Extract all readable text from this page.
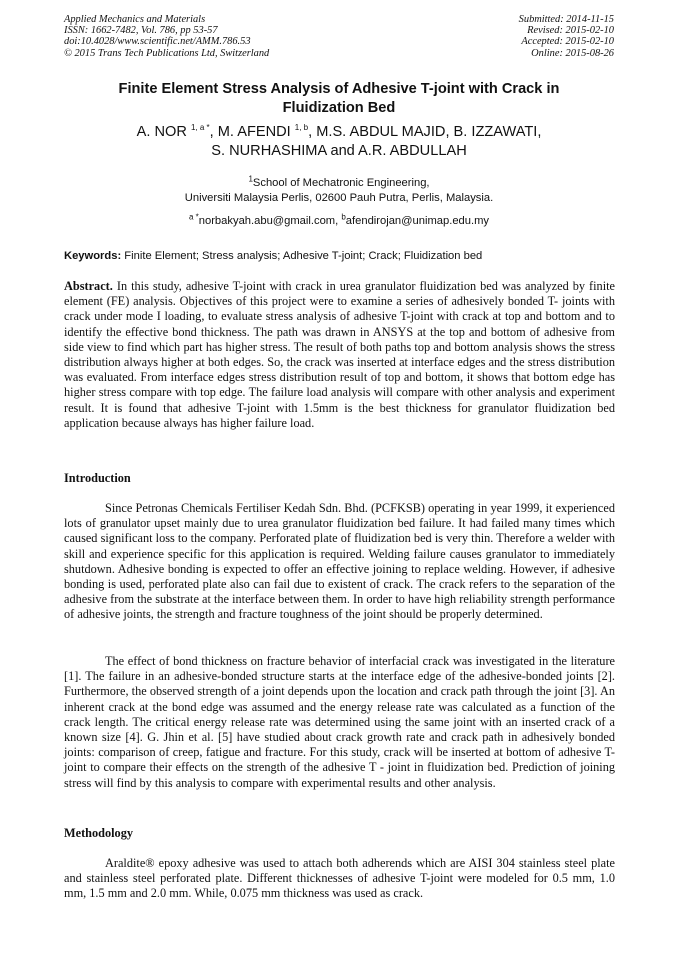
Applied Mechanics and Materials
ISSN: 1662-7482, Vol. 786, pp 53-57
doi:10.4028/www.scientific.net/AMM.786.53
© 2015 Trans Tech Publications Ltd, Switzerland
Submitted: 2014-11-15
Revised: 2015-02-10
Accepted: 2015-02-10
Online: 2015-08-26
Finite Element Stress Analysis of Adhesive T-joint with Crack in
Fluidization Bed
A. NOR $^{1, a *}$, M. AFENDI $^{1, b}$, M.S. ABDUL MAJID, B. IZZAWATI,
S. NURHASHIMA and A.R. ABDULLAH
$^1$School of Mechatronic Engineering,
Universiti Malaysia Perlis, 02600 Pauh Putra, Perlis, Malaysia.
$^{a *}$norbakyah.abu@gmail.com, $^b$afendirojan@unimap.edu.my
Keywords: Finite Element; Stress analysis; Adhesive T-joint; Crack; Fluidization bed
Abstract. In this study, adhesive T-joint with crack in urea granulator fluidization bed was analyzed by finite element (FE) analysis. Objectives of this project were to examine a series of adhesively bonded T- joints with crack under mode I loading, to evaluate stress analysis of adhesive T-joint with crack at top and bottom and to identify the effective bond thickness. The path was drawn in ANSYS at the top and bottom of adhesive from side view to find which part has higher stress. The result of both paths top and bottom analysis shows the stress distribution always higher at both edges. So, the crack was inserted at interface edges and the stress distribution was evaluated. From interface edges stress distribution result of top and bottom, it shows that bottom edge has higher stress compare with top edge. The failure load analysis will compare with other analysis and experiment result. It is found that adhesive T-joint with 1.5mm is the best thickness for granulator fluidization bed application because always has higher failure load.
Introduction
Since Petronas Chemicals Fertiliser Kedah Sdn. Bhd. (PCFKSB) operating in year 1999, it experienced lots of granulator upset mainly due to urea granulator fluidization bed failure. It had failed many times which caused significant loss to the company. Perforated plate of fluidization bed is very thin. Therefore a welder with skill and experience specific for this application is required. Welding failure causes granulator to immediately shutdown. Adhesive bonding is expected to offer an effective joining to replace welding. However, if adhesive bonding is used, perforated plate also can fail due to existent of crack. The crack refers to the separation of the adhesive from the substrate at the interface between them. In order to have high reliability strength performance of adhesive joints, the strength and fracture toughness of the joint should be properly determined.
The effect of bond thickness on fracture behavior of interfacial crack was investigated in the literature [1]. The failure in an adhesive-bonded structure starts at the interface edge of the adhesive-bonded joints [2]. Furthermore, the observed strength of a joint depends upon the location and crack path through the joint [3]. An inherent crack at the bond edge was assumed and the energy release rate was calculated as a function of the crack length. The critical energy release rate was determined using the same joint with an inserted crack of a known size [4]. G. Jhin et al. [5] have studied about crack growth rate and crack path in adhesively bonded joints: comparison of creep, fatigue and fracture. For this study, crack will be inserted at bottom of adhesive T-joint to compare their effects on the strength of the adhesive T - joint in fluidization bed. Prediction of joining stress will find by this analysis to compare with experimental results and other analysis.
Methodology
Araldite® epoxy adhesive was used to attach both adherends which are AISI 304 stainless steel plate and stainless steel perforated plate. Different thicknesses of adhesive T-joint were modeled for 0.5 mm, 1.0 mm, 1.5 mm and 2.0 mm. While, 0.075 mm thickness was used as crack.
